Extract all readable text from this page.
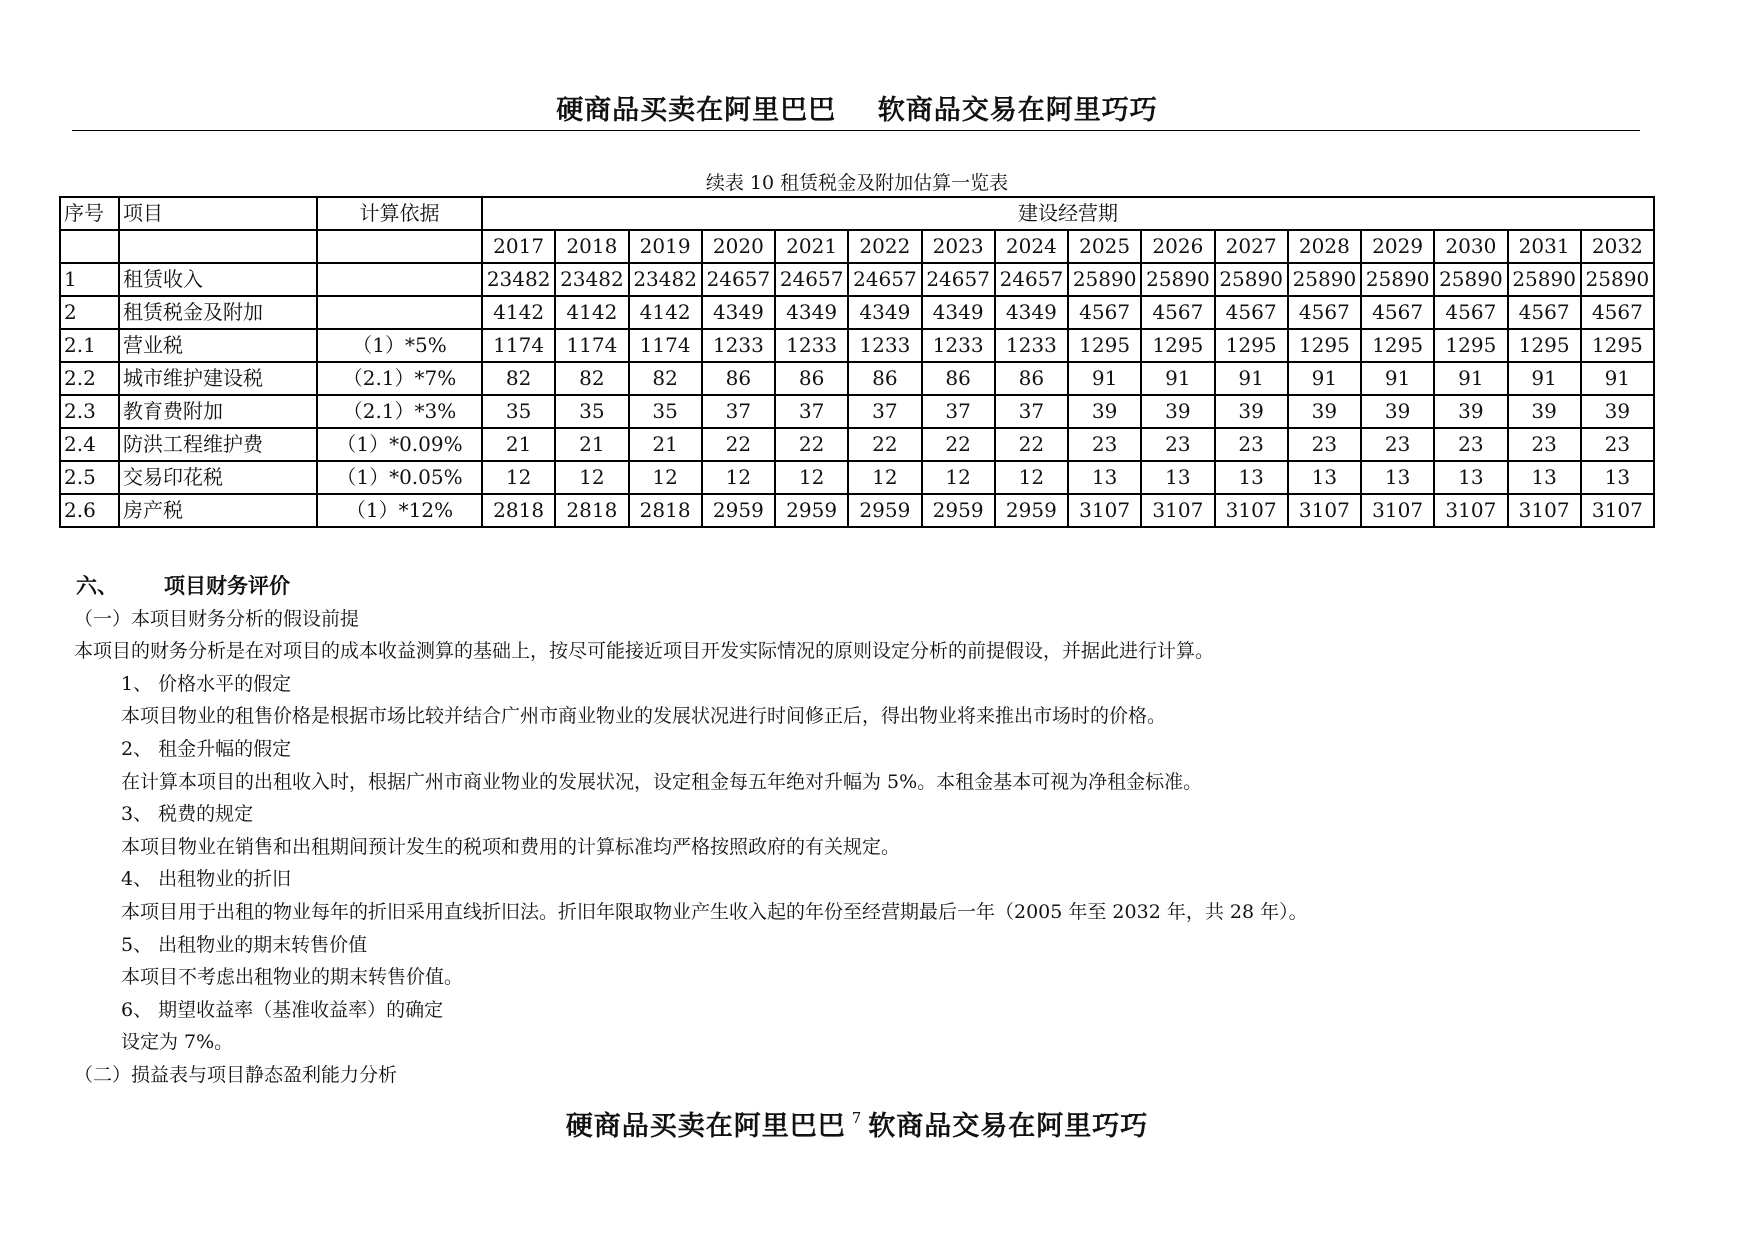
硬商品买卖在阿里巴巴 软商品交易在阿里巧巧
续表 10 租赁税金及附加估算一览表
序号	项目	计算依据	建设经营期															
			2017	2018	2019	2020	2021	2022	2023	2024	2025	2026	2027	2028	2029	2030	2031	2032
1	租赁收入		23482	23482	23482	24657	24657	24657	24657	24657	25890	25890	25890	25890	25890	25890	25890	25890
2	租赁税金及附加		4142	4142	4142	4349	4349	4349	4349	4349	4567	4567	4567	4567	4567	4567	4567	4567
2.1	营业税	（1）*5%	1174	1174	1174	1233	1233	1233	1233	1233	1295	1295	1295	1295	1295	1295	1295	1295
2.2	城市维护建设税	（2.1）*7%	82	82	82	86	86	86	86	86	91	91	91	91	91	91	91	91
2.3	教育费附加	（2.1）*3%	35	35	35	37	37	37	37	37	39	39	39	39	39	39	39	39
2.4	防洪工程维护费	（1）*0.09%	21	21	21	22	22	22	22	22	23	23	23	23	23	23	23	23
2.5	交易印花税	（1）*0.05%	12	12	12	12	12	12	12	12	13	13	13	13	13	13	13	13
2.6	房产税	（1）*12%	2818	2818	2818	2959	2959	2959	2959	2959	3107	3107	3107	3107	3107	3107	3107	3107

六、 项目财务评价

（一）本项目财务分析的假设前提

本项目的财务分析是在对项目的成本收益测算的基础上，按尽可能接近项目开发实际情况的原则设定分析的前提假设，并据此进行计算。

1、 价格水平的假定

本项目物业的租售价格是根据市场比较并结合广州市商业物业的发展状况进行时间修正后，得出物业将来推出市场时的价格。

2、 租金升幅的假定

在计算本项目的出租收入时，根据广州市商业物业的发展状况，设定租金每五年绝对升幅为 5%。本租金基本可视为净租金标准。

3、 税费的规定

本项目物业在销售和出租期间预计发生的税项和费用的计算标准均严格按照政府的有关规定。

4、 出租物业的折旧

本项目用于出租的物业每年的折旧采用直线折旧法。折旧年限取物业产生收入起的年份至经营期最后一年（2005 年至 2032 年，共 28 年）。

5、 出租物业的期末转售价值

本项目不考虑出租物业的期末转售价值。

6、 期望收益率（基准收益率）的确定

设定为 7%。

（二）损益表与项目静态盈利能力分析

硬商品买卖在阿里巴巴 $^7$ 软商品交易在阿里巧巧
